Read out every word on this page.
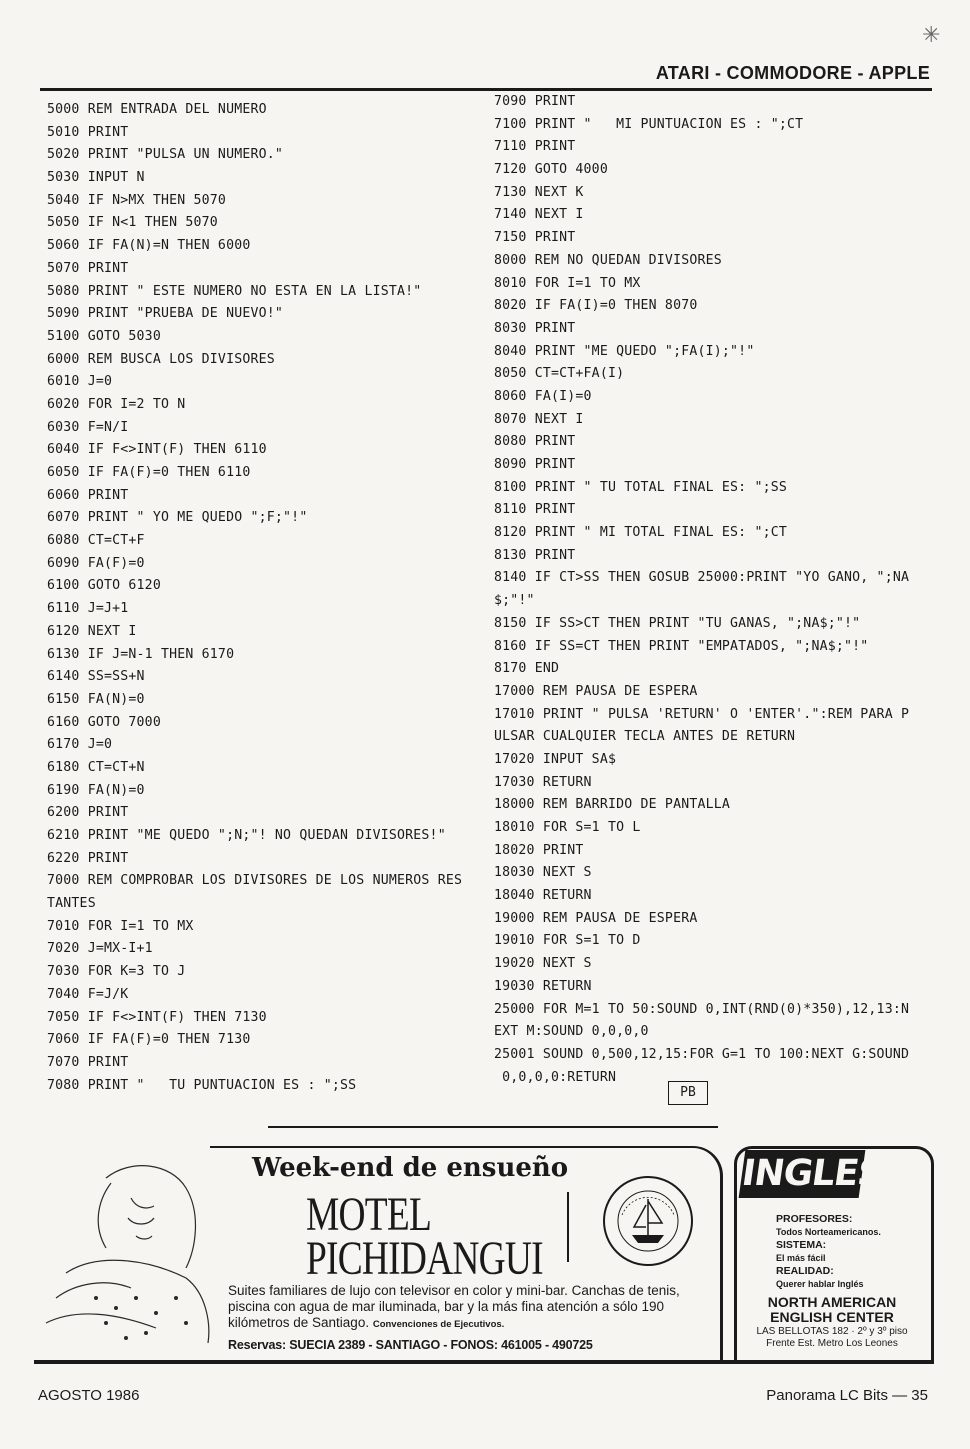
✳
ATARI - COMMODORE - APPLE
5000 REM ENTRADA DEL NUMERO
5010 PRINT
5020 PRINT "PULSA UN NUMERO."
5030 INPUT N
5040 IF N>MX THEN 5070
5050 IF N<1 THEN 5070
5060 IF FA(N)=N THEN 6000
5070 PRINT
5080 PRINT " ESTE NUMERO NO ESTA EN LA LISTA!"
5090 PRINT "PRUEBA DE NUEVO!"
5100 GOTO 5030
6000 REM BUSCA LOS DIVISORES
6010 J=0
6020 FOR I=2 TO N
6030 F=N/I
6040 IF F<>INT(F) THEN 6110
6050 IF FA(F)=0 THEN 6110
6060 PRINT
6070 PRINT " YO ME QUEDO ";F;"!"
6080 CT=CT+F
6090 FA(F)=0
6100 GOTO 6120
6110 J=J+1
6120 NEXT I
6130 IF J=N-1 THEN 6170
6140 SS=SS+N
6150 FA(N)=0
6160 GOTO 7000
6170 J=0
6180 CT=CT+N
6190 FA(N)=0
6200 PRINT
6210 PRINT "ME QUEDO ";N;"! NO QUEDAN DIVISORES!"
6220 PRINT
7000 REM COMPROBAR LOS DIVISORES DE LOS NUMEROS RES
TANTES
7010 FOR I=1 TO MX
7020 J=MX-I+1
7030 FOR K=3 TO J
7040 F=J/K
7050 IF F<>INT(F) THEN 7130
7060 IF FA(F)=0 THEN 7130
7070 PRINT
7080 PRINT "   TU PUNTUACION ES : ";SS
7090 PRINT
7100 PRINT "   MI PUNTUACION ES : ";CT
7110 PRINT
7120 GOTO 4000
7130 NEXT K
7140 NEXT I
7150 PRINT
8000 REM NO QUEDAN DIVISORES
8010 FOR I=1 TO MX
8020 IF FA(I)=0 THEN 8070
8030 PRINT
8040 PRINT "ME QUEDO ";FA(I);"!"
8050 CT=CT+FA(I)
8060 FA(I)=0
8070 NEXT I
8080 PRINT
8090 PRINT
8100 PRINT " TU TOTAL FINAL ES: ";SS
8110 PRINT
8120 PRINT " MI TOTAL FINAL ES: ";CT
8130 PRINT
8140 IF CT>SS THEN GOSUB 25000:PRINT "YO GANO, ";NA
$;"!"
8150 IF SS>CT THEN PRINT "TU GANAS, ";NA$;"!"
8160 IF SS=CT THEN PRINT "EMPATADOS, ";NA$;"!"
8170 END
17000 REM PAUSA DE ESPERA
17010 PRINT " PULSA 'RETURN' O 'ENTER'.":REM PARA P
ULSAR CUALQUIER TECLA ANTES DE RETURN
17020 INPUT SA$
17030 RETURN
18000 REM BARRIDO DE PANTALLA
18010 FOR S=1 TO L
18020 PRINT
18030 NEXT S
18040 RETURN
19000 REM PAUSA DE ESPERA
19010 FOR S=1 TO D
19020 NEXT S
19030 RETURN
25000 FOR M=1 TO 50:SOUND 0,INT(RND(0)*350),12,13:N
EXT M:SOUND 0,0,0,0
25001 SOUND 0,500,12,15:FOR G=1 TO 100:NEXT G:SOUND
0,0,0,0:RETURN
PB
Week-end de ensueño
MOTEL
PICHIDANGUI
Suites familiares de lujo con televisor en color y mini-bar. Canchas de tenis, piscina con agua de mar iluminada, bar y la más fina atención a sólo 190 kilómetros de Santiago. Convenciones de Ejecutivos.
Reservas: SUECIA 2389 - SANTIAGO - FONOS: 461005 - 490725
INGLES
PROFESORES:
Todos Norteamericanos.
SISTEMA:
El más fácil
REALIDAD:
Querer hablar Inglés
NORTH AMERICAN
ENGLISH CENTER
LAS BELLOTAS 182 · 2º y 3º piso
Frente Est. Metro Los Leones
AGOSTO 1986	Panorama LC Bits — 35
